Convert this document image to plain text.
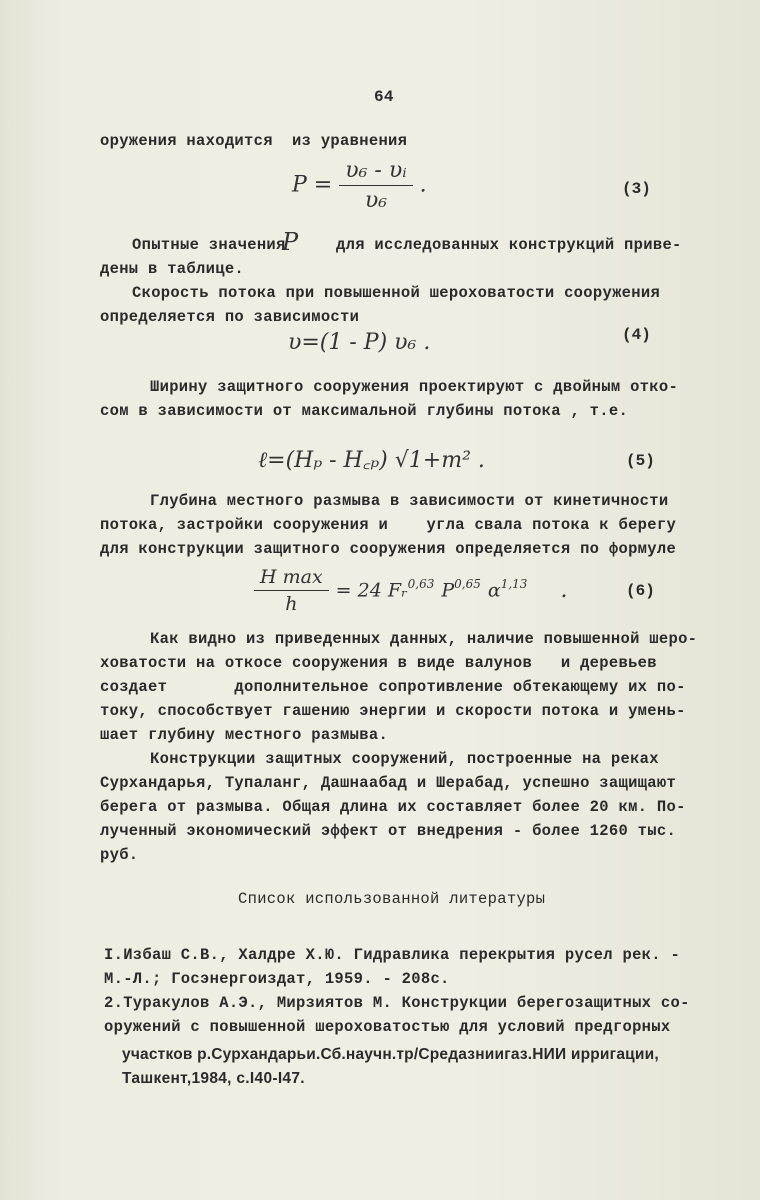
64
оружения находится  из уравнения
$P = \frac{\text{υ₆ - υᵢ}}{\text{υ₆}}$ .	(3)
Опытные значения
P для исследованных конструкций приве-
дены в таблице.
Скорость потока при повышенной шероховатости сооружения
определяется по зависимости
υ=(1 - P) υ₆ .	(4)
Ширину защитного сооружения проектируют с двойным отко-
сом в зависимости от максимальной глубины потока , т.е.
ℓ=(Hₚ - H꜀ₚ) √1+m² .	(5)
Глубина местного размыва в зависимости от кинетичности
потока, застройки сооружения и    угла свала потока к берегу
для конструкции защитного сооружения определяется по формуле
$\frac{\text{H max}}{h} = 24$ Fᵣ$^{0,63}$ P$^{0,65}$ $\alpha^{1,13}$ .	(6)
Как видно из приведенных данных, наличие повышенной шеро-
ховатости на откосе сооружения в виде валунов   и деревьев
создает       дополнительное сопротивление обтекающему их по-
току, способствует гашению энергии и скорости потока и умень-
шает глубину местного размыва.
Конструкции защитных сооружений, построенные на реках
Сурхандарья, Тупаланг, Дашнаабад и Шерабад, успешно защищают
берега от размыва. Общая длина их составляет более 20 км. По-
лученный экономический эффект от внедрения - более 1260 тыс.
руб.
Список использованной литературы
I.Избаш С.В., Халдре Х.Ю. Гидравлика перекрытия русел рек. -
М.-Л.; Госэнергоиздат, 1959. - 208с.
2.Туракулов А.Э., Мирзиятов М. Конструкции берегозащитных со-
оружений с повышенной шероховатостью для условий предгорных
участков р.Сурхандарьи.Сб.научн.тр/Средазниигаз.НИИ ирригации,
Ташкент,1984, с.I40-I47.
